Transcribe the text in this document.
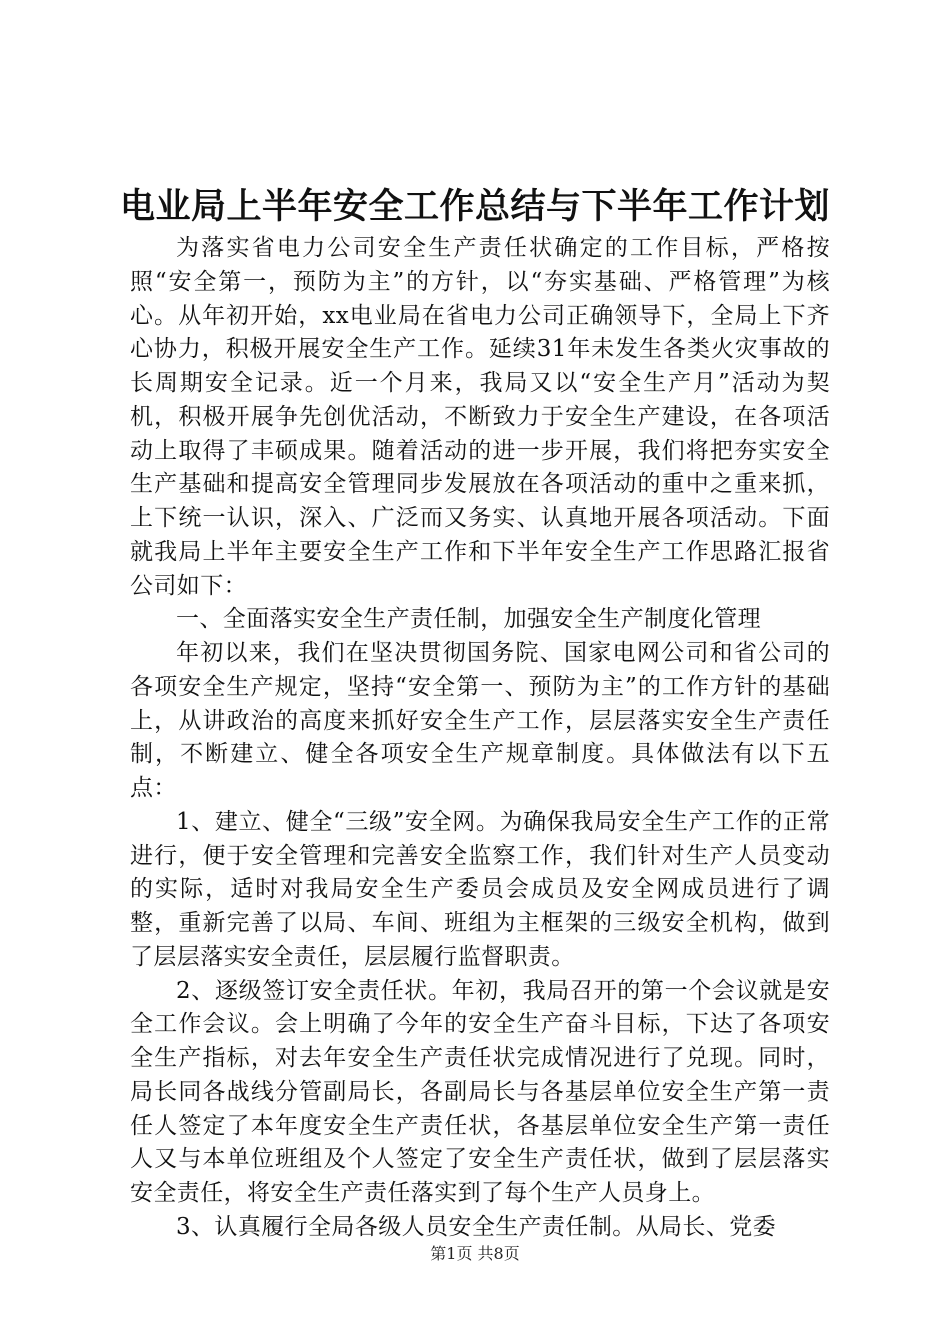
电业局上半年安全工作总结与下半年工作计划

为落实省电力公司安全生产责任状确定的工作目标，严格按照“安全第一，预防为主”的方针，以“夯实基础、严格管理”为核心。从年初开始，xx电业局在省电力公司正确领导下，全局上下齐心协力，积极开展安全生产工作。延续31年未发生各类火灾事故的长周期安全记录。近一个月来，我局又以“安全生产月”活动为契机，积极开展争先创优活动，不断致力于安全生产建设，在各项活动上取得了丰硕成果。随着活动的进一步开展，我们将把夯实安全生产基础和提高安全管理同步发展放在各项活动的重中之重来抓，上下统一认识，深入、广泛而又务实、认真地开展各项活动。下面就我局上半年主要安全生产工作和下半年安全生产工作思路汇报省公司如下：

一、全面落实安全生产责任制，加强安全生产制度化管理

年初以来，我们在坚决贯彻国务院、国家电网公司和省公司的各项安全生产规定，坚持“安全第一、预防为主”的工作方针的基础上，从讲政治的高度来抓好安全生产工作，层层落实安全生产责任制，不断建立、健全各项安全生产规章制度。具体做法有以下五点：

1、建立、健全“三级”安全网。为确保我局安全生产工作的正常进行，便于安全管理和完善安全监察工作，我们针对生产人员变动的实际，适时对我局安全生产委员会成员及安全网成员进行了调整，重新完善了以局、车间、班组为主框架的三级安全机构，做到了层层落实安全责任，层层履行监督职责。

2、逐级签订安全责任状。年初，我局召开的第一个会议就是安全工作会议。会上明确了今年的安全生产奋斗目标，下达了各项安全生产指标，对去年安全生产责任状完成情况进行了兑现。同时，局长同各战线分管副局长，各副局长与各基层单位安全生产第一责任人签定了本年度安全生产责任状，各基层单位安全生产第一责任人又与本单位班组及个人签定了安全生产责任状，做到了层层落实安全责任，将安全生产责任落实到了每个生产人员身上。

3、认真履行全局各级人员安全生产责任制。从局长、党委

第1页 共8页
